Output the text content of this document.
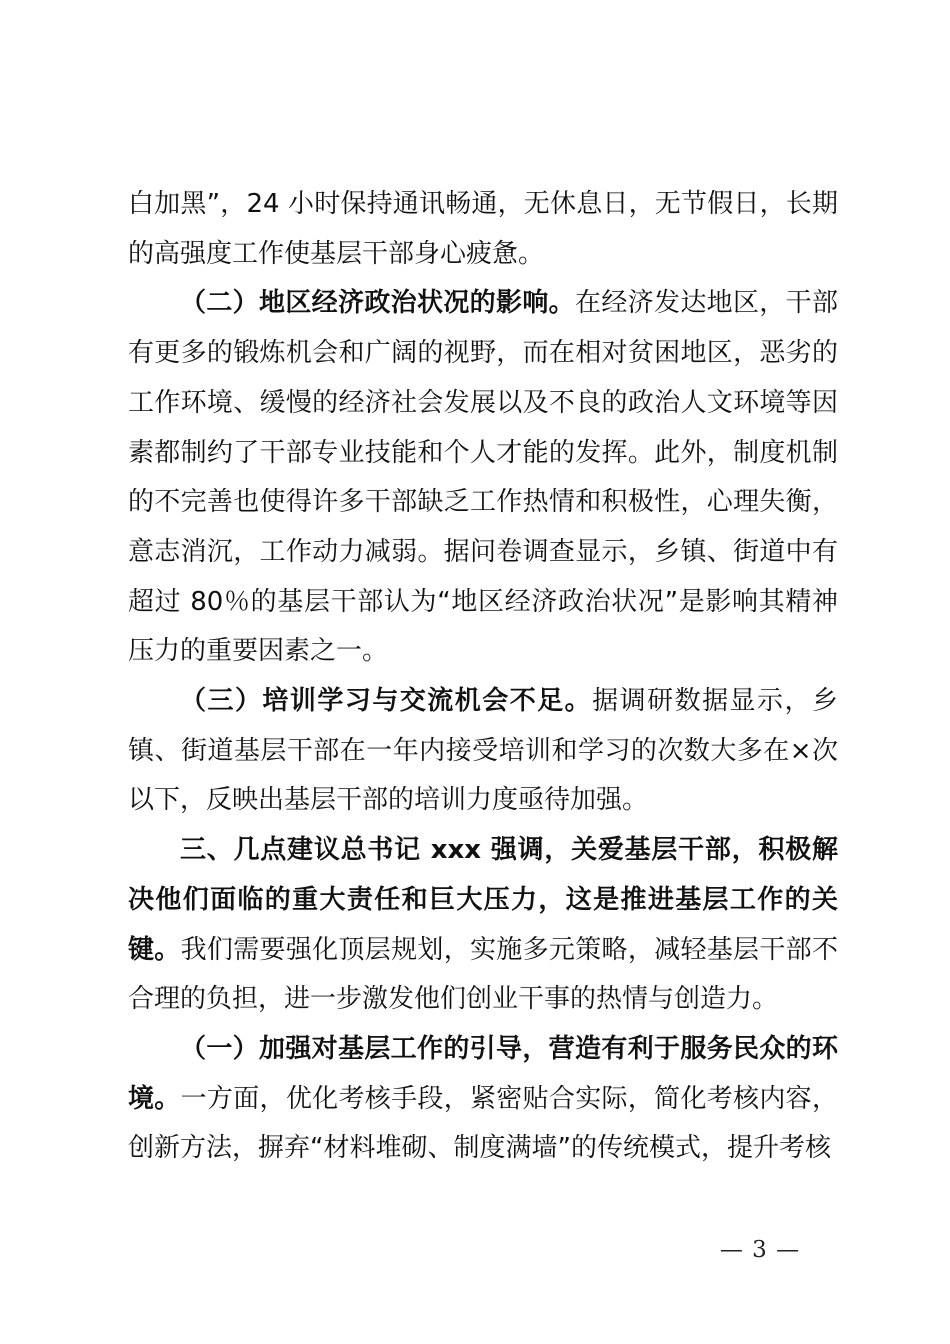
白加黑”，24 小时保持通讯畅通，无休息日，无节假日，长期的高强度工作使基层干部身心疲惫。

（二）地区经济政治状况的影响。在经济发达地区，干部有更多的锻炼机会和广阔的视野，而在相对贫困地区，恶劣的工作环境、缓慢的经济社会发展以及不良的政治人文环境等因素都制约了干部专业技能和个人才能的发挥。此外，制度机制的不完善也使得许多干部缺乏工作热情和积极性，心理失衡，意志消沉，工作动力减弱。据问卷调查显示，乡镇、街道中有超过 80％的基层干部认为“地区经济政治状况”是影响其精神压力的重要因素之一。

（三）培训学习与交流机会不足。据调研数据显示，乡镇、街道基层干部在一年内接受培训和学习的次数大多在×次以下，反映出基层干部的培训力度亟待加强。

三、几点建议总书记 xxx 强调，关爱基层干部，积极解决他们面临的重大责任和巨大压力，这是推进基层工作的关键。我们需要强化顶层规划，实施多元策略，减轻基层干部不合理的负担，进一步激发他们创业干事的热情与创造力。

（一）加强对基层工作的引导，营造有利于服务民众的环境。一方面，优化考核手段，紧密贴合实际，简化考核内容，创新方法，摒弃“材料堆砌、制度满墙”的传统模式，提升考核

— 3 —
